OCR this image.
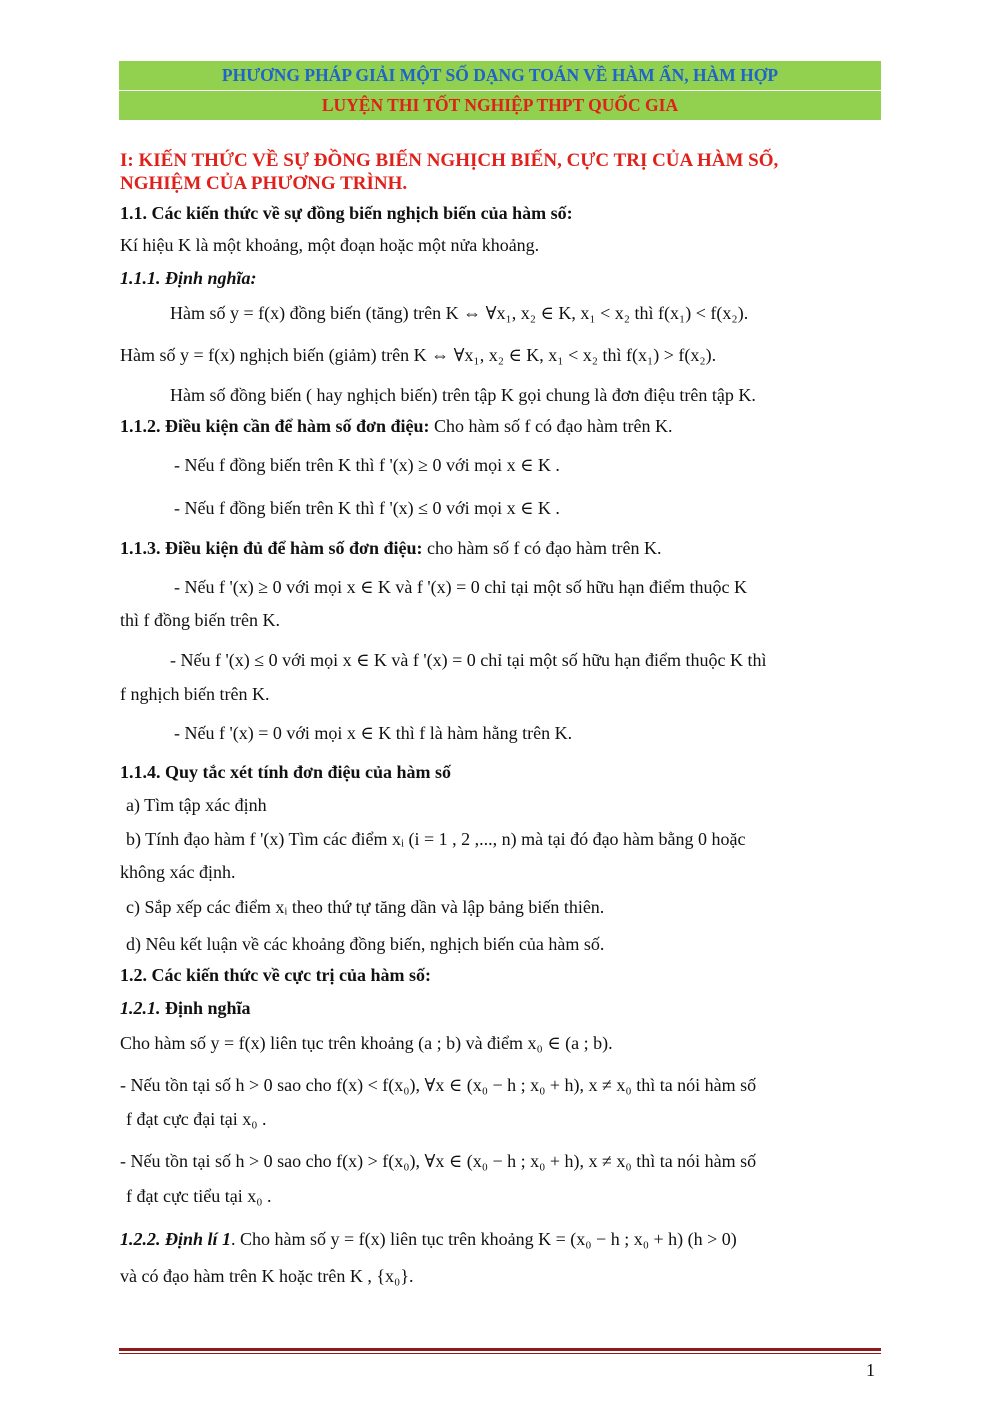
PHƯƠNG PHÁP GIẢI MỘT SỐ DẠNG TOÁN VỀ HÀM ẨN, HÀM HỢP
LUYỆN THI TỐT NGHIỆP THPT QUỐC GIA
I: KIẾN THỨC VỀ SỰ ĐỒNG BIẾN NGHỊCH BIẾN, CỰC TRỊ CỦA HÀM SỐ,
NGHIỆM CỦA PHƯƠNG TRÌNH.
1.1. Các kiến thức về sự đồng biến nghịch biến của hàm số:
Kí hiệu K là một khoảng, một đoạn hoặc một nửa khoảng.
1.1.1. Định nghĩa:
Hàm số y = f(x) đồng biến (tăng) trên K ⇔ ∀x₁, x₂ ∈ K, x₁ < x₂ thì f(x₁) < f(x₂).
Hàm số y = f(x) nghịch biến (giảm) trên K ⇔ ∀x₁, x₂ ∈ K, x₁ < x₂ thì f(x₁) > f(x₂).
Hàm số đồng biến ( hay nghịch biến) trên tập K gọi chung là đơn điệu trên tập K.
1.1.2. Điều kiện cần để hàm số đơn điệu: Cho hàm số f có đạo hàm trên K.
- Nếu f đồng biến trên K thì f '(x) ≥ 0 với mọi x ∈ K .
- Nếu f đồng biến trên K thì f '(x) ≤ 0 với mọi x ∈ K .
1.1.3. Điều kiện đủ để hàm số đơn điệu: cho hàm số f có đạo hàm trên K.
- Nếu f '(x) ≥ 0 với mọi x ∈ K và f '(x) = 0 chỉ tại một số hữu hạn điểm thuộc K
thì f đồng biến trên K.
- Nếu f '(x) ≤ 0 với mọi x ∈ K và f '(x) = 0 chỉ tại một số hữu hạn điểm thuộc K thì
f nghịch biến trên K.
- Nếu f '(x) = 0 với mọi x ∈ K thì f là hàm hằng trên K.
1.1.4. Quy tắc xét tính đơn điệu của hàm số
a) Tìm tập xác định
b) Tính đạo hàm f '(x) Tìm các điểm xᵢ (i = 1 , 2 ,..., n) mà tại đó đạo hàm bằng 0 hoặc
không xác định.
c) Sắp xếp các điểm xᵢ theo thứ tự tăng dần và lập bảng biến thiên.
d) Nêu kết luận về các khoảng đồng biến, nghịch biến của hàm số.
1.2. Các kiến thức về cực trị của hàm số:
1.2.1. Định nghĩa
Cho hàm số y = f(x) liên tục trên khoảng (a ; b) và điểm x₀ ∈ (a ; b).
- Nếu tồn tại số h > 0 sao cho f(x) < f(x₀), ∀x ∈ (x₀ − h ; x₀ + h), x ≠ x₀ thì ta nói hàm số
f đạt cực đại tại x₀ .
- Nếu tồn tại số h > 0 sao cho f(x) > f(x₀), ∀x ∈ (x₀ − h ; x₀ + h), x ≠ x₀ thì ta nói hàm số
f đạt cực tiểu tại x₀ .
1.2.2. Định lí 1. Cho hàm số y = f(x) liên tục trên khoảng K = (x₀ − h ; x₀ + h) (h > 0)
và có đạo hàm trên K hoặc trên K , {x₀}.
1
